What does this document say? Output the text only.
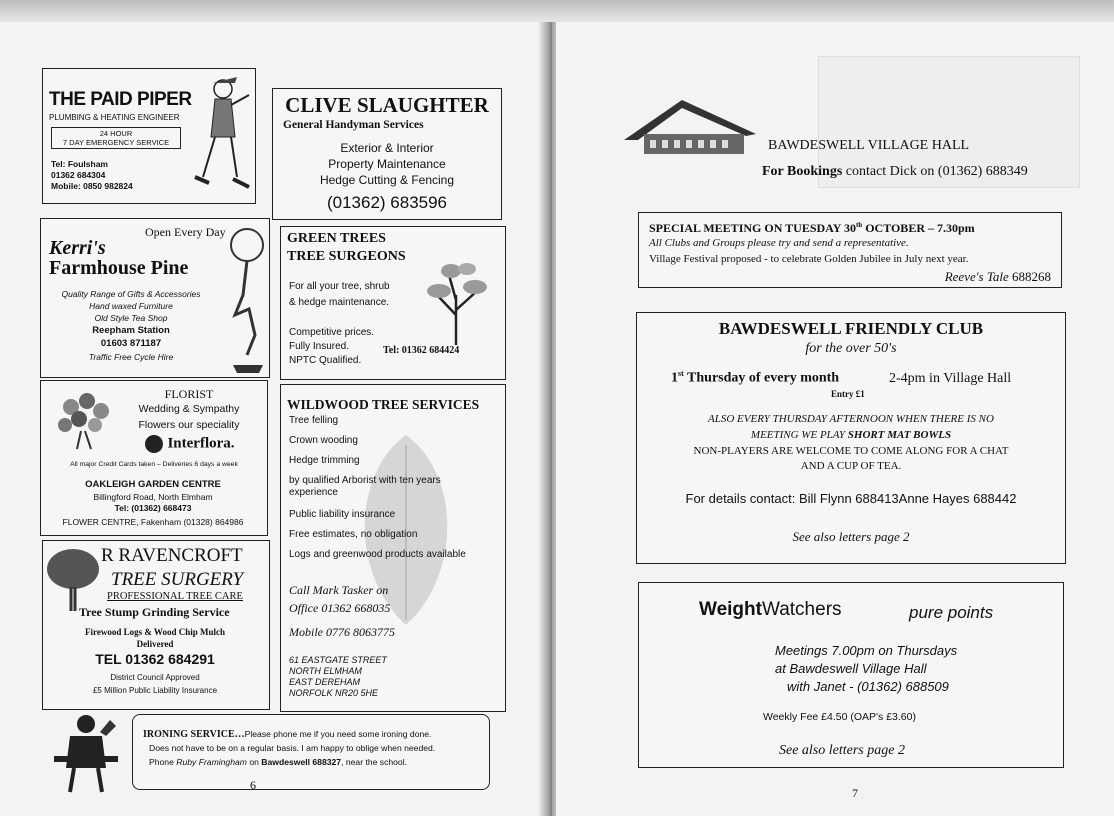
THE PAID PIPER
PLUMBING & HEATING ENGINEER
24 HOUR
7 DAY EMERGENCY SERVICE
Tel: Foulsham
01362 684304
Mobile: 0850 982824
CLIVE SLAUGHTER
General Handyman Services
Exterior & Interior
Property Maintenance
Hedge Cutting & Fencing
(01362) 683596
Open Every Day
Kerri's
Farmhouse Pine
Quality Range of Gifts & Accessories
Hand waxed Furniture
Old Style Tea Shop
Reepham Station
01603 871187
Traffic Free Cycle Hire
GREEN TREES
TREE SURGEONS
For all your tree, shrub
& hedge maintenance.
Competitive prices.
Fully Insured.
NPTC Qualified.
Tel: 01362 684424
FLORIST
Wedding & Sympathy
Flowers our speciality
Interflora.
All major Credit Cards taken – Deliveries 6 days a week
OAKLEIGH GARDEN CENTRE
Billingford Road, North Elmham
Tel: (01362) 668473
FLOWER CENTRE, Fakenham (01328) 864986
WILDWOOD TREE SERVICES
Tree felling
Crown wooding
Hedge trimming
by qualified Arborist with ten years experience
Public liability insurance
Free estimates, no obligation
Logs and greenwood products available
Call Mark Tasker on
Office 01362 668035
Mobile 0776 8063775
61 EASTGATE STREET
NORTH ELMHAM
EAST DEREHAM
NORFOLK NR20 5HE
R RAVENCROFT
TREE SURGERY
PROFESSIONAL TREE CARE
Tree Stump Grinding Service
Firewood Logs & Wood Chip Mulch
Delivered
TEL 01362 684291
District Council Approved
£5 Million Public Liability Insurance
IRONING SERVICE…Please phone me if you need some ironing done.
Does not have to be on a regular basis. I am happy to oblige when needed.
Phone Ruby Framingham on Bawdeswell 688327, near the school.
6
BAWDESWELL VILLAGE HALL
For Bookings contact Dick on (01362) 688349
SPECIAL MEETING ON TUESDAY 30th OCTOBER – 7.30pm
All Clubs and Groups please try and send a representative.
Village Festival proposed - to celebrate Golden Jubilee in July next year.
Reeve's Tale 688268
BAWDESWELL FRIENDLY CLUB
for the over 50's
1st Thursday of every month	2-4pm in Village Hall
Entry £1
ALSO EVERY THURSDAY AFTERNOON WHEN THERE IS NO
MEETING WE PLAY SHORT MAT BOWLS
NON-PLAYERS ARE WELCOME TO COME ALONG FOR A CHAT
AND A CUP OF TEA.
For details contact: Bill Flynn 688413Anne Hayes 688442
See also letters page 2
WeightWatchers	pure points
Meetings 7.00pm on Thursdays
at Bawdeswell Village Hall
with Janet - (01362) 688509
Weekly Fee £4.50 (OAP's £3.60)
See also letters page 2
7
